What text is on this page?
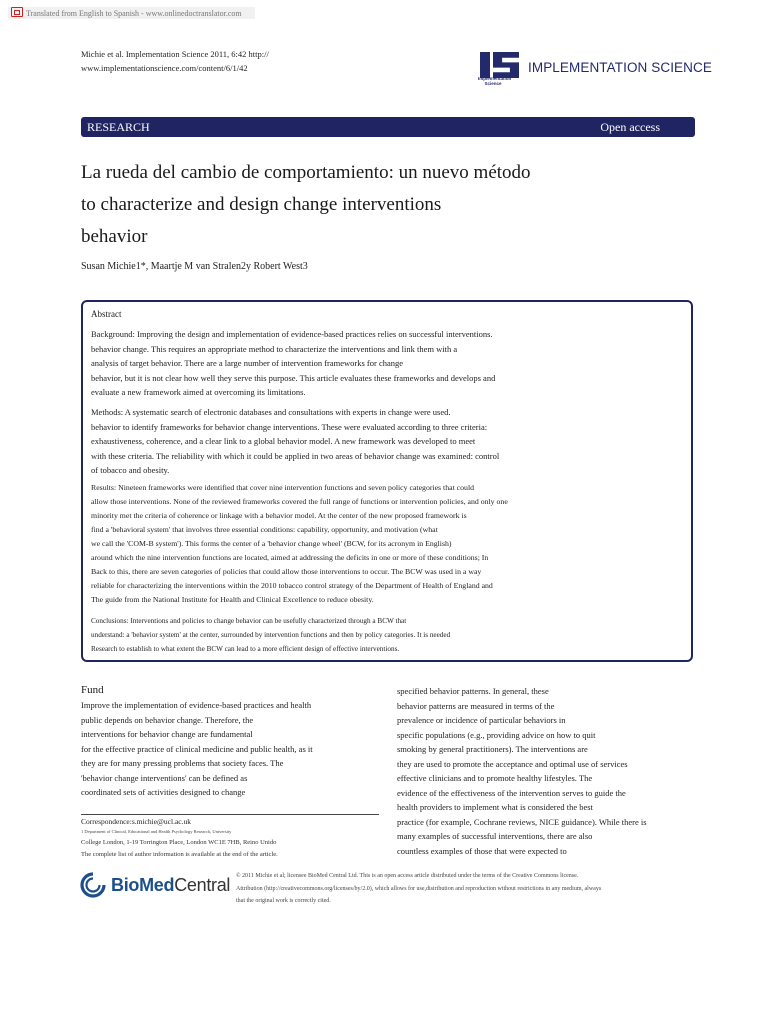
Translated from English to Spanish - www.onlinedoctranslator.com
Michie et al. Implementation Science 2011, 6:42 http://
www.implementationscience.com/content/6/1/42	IMPLEMENTATION SCIENCE
Implementation
Science
RESEARCH	Open access
La rueda del cambio de comportamiento: un nuevo método
to characterize and design change interventions
behavior
Susan Michie1*, Maartje M van Stralen2y Robert West3
Abstract
Background: Improving the design and implementation of evidence-based practices relies on successful interventions.
behavior change. This requires an appropriate method to characterize the interventions and link them with a
analysis of target behavior. There are a large number of intervention frameworks for change
behavior, but it is not clear how well they serve this purpose. This article evaluates these frameworks and develops and
evaluate a new framework aimed at overcoming its limitations.
Methods: A systematic search of electronic databases and consultations with experts in change were used.
behavior to identify frameworks for behavior change interventions. These were evaluated according to three criteria:
exhaustiveness, coherence, and a clear link to a global behavior model. A new framework was developed to meet
with these criteria. The reliability with which it could be applied in two areas of behavior change was examined: control
of tobacco and obesity.
Results: Nineteen frameworks were identified that cover nine intervention functions and seven policy categories that could
allow those interventions. None of the reviewed frameworks covered the full range of functions or intervention policies, and only one
minority met the criteria of coherence or linkage with a behavior model. At the center of the new proposed framework is
find a 'behavioral system' that involves three essential conditions: capability, opportunity, and motivation (what
we call the 'COM-B system'). This forms the center of a 'behavior change wheel' (BCW, for its acronym in English)
around which the nine intervention functions are located, aimed at addressing the deficits in one or more of these conditions; In
Back to this, there are seven categories of policies that could allow those interventions to occur. The BCW was used in a way
reliable for characterizing the interventions within the 2010 tobacco control strategy of the Department of Health of England and
The guide from the National Institute for Health and Clinical Excellence to reduce obesity.
Conclusions: Interventions and policies to change behavior can be usefully characterized through a BCW that
understand: a 'behavior system' at the center, surrounded by intervention functions and then by policy categories. It is needed
Research to establish to what extent the BCW can lead to a more efficient design of effective interventions.
Fund
Improve the implementation of evidence-based practices and health
public depends on behavior change. Therefore, the
interventions for behavior change are fundamental
for the effective practice of clinical medicine and public health, as it
they are for many pressing problems that society faces. The
'behavior change interventions' can be defined as
coordinated sets of activities designed to change
specified behavior patterns. In general, these
behavior patterns are measured in terms of the
prevalence or incidence of particular behaviors in
specific populations (e.g., providing advice on how to quit
smoking by general practitioners). The interventions are
they are used to promote the acceptance and optimal use of services
effective clinicians and to promote healthy lifestyles. The
evidence of the effectiveness of the intervention serves to guide the
health providers to implement what is considered the best
practice (for example, Cochrane reviews, NICE guidance). While there is
many examples of successful interventions, there are also
countless examples of those that were expected to
Correspondence:s.michie@ucl.ac.uk
1 Department of Clinical, Educational and Health Psychology Research, University
College London, 1-19 Torrington Place, London WC1E 7HB, Reino Unido
The complete list of author information is available at the end of the article.
BioMedCentral © 2011 Michie et al; licensee BioMed Central Ltd. This is an open access article distributed under the terms of the Creative Commons license.
Attribution (http://creativecommons.org/licenses/by/2.0), which allows for use,distribution and reproduction without restrictions in any medium, always
that the original work is correctly cited.
